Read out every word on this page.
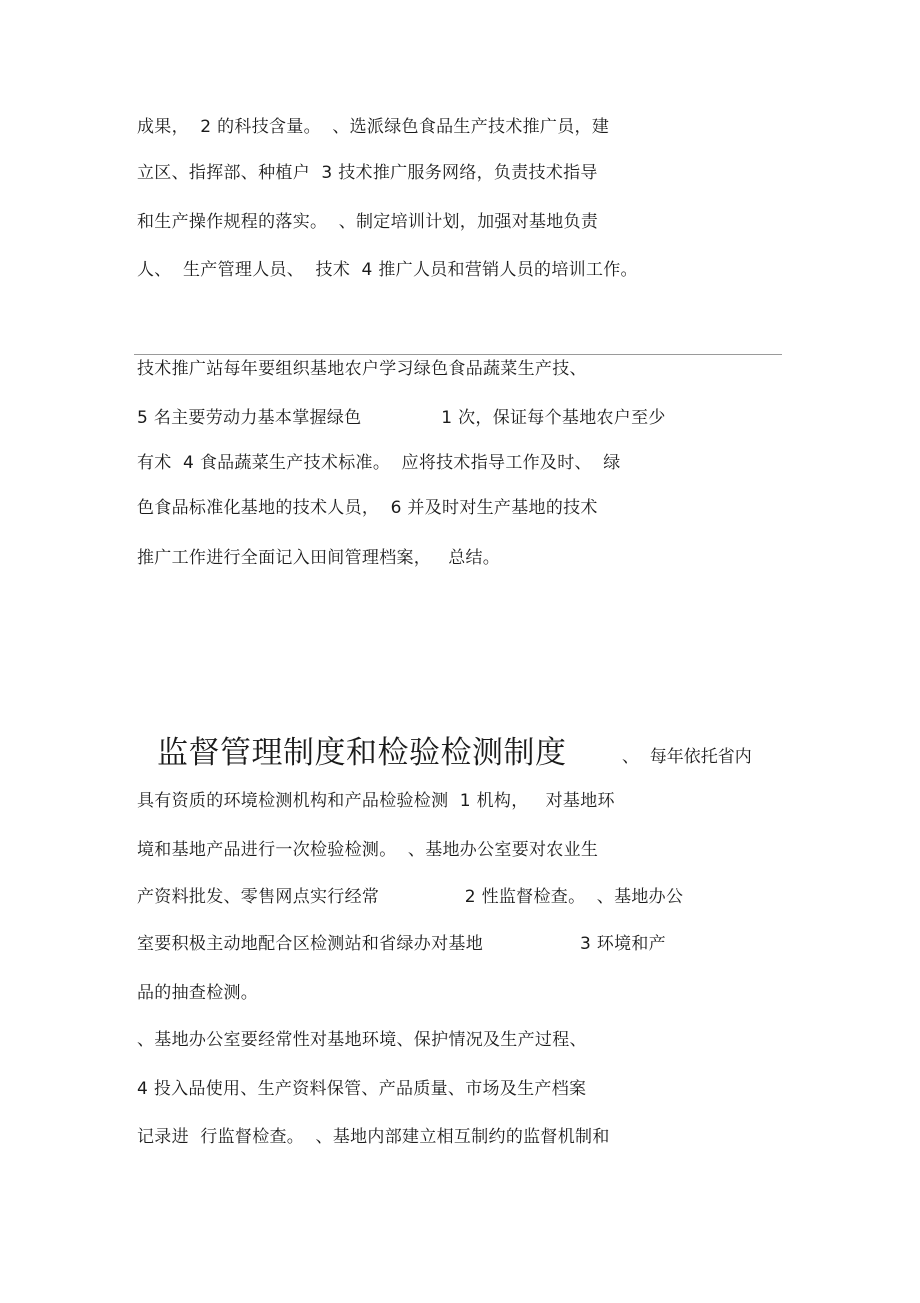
成果，  2 的科技含量。  、选派绿色食品生产技术推广员，建
立区、指挥部、种植户  3 技术推广服务网络，负责技术指导
和生产操作规程的落实。  、制定培训计划，加强对基地负责
人、  生产管理人员、  技术  4 推广人员和营销人员的培训工作。
技术推广站每年要组织基地农户学习绿色食品蔬菜生产技、
5 名主要劳动力基本掌握绿色              1 次，保证每个基地农户至少
有术  4 食品蔬菜生产技术标准。  应将技术指导工作及时、  绿
色食品标准化基地的技术人员，  6 并及时对生产基地的技术
推广工作进行全面记入田间管理档案，   总结。
监督管理制度和检验检测制度	、  每年依托省内
具有资质的环境检测机构和产品检验检测  1 机构，   对基地环
境和基地产品进行一次检验检测。  、基地办公室要对农业生
产资料批发、零售网点实行经常               2 性监督检查。  、基地办公
室要积极主动地配合区检测站和省绿办对基地                 3 环境和产
品的抽查检测。
、基地办公室要经常性对基地环境、保护情况及生产过程、
4 投入品使用、生产资料保管、产品质量、市场及生产档案
记录进  行监督检查。  、基地内部建立相互制约的监督机制和
